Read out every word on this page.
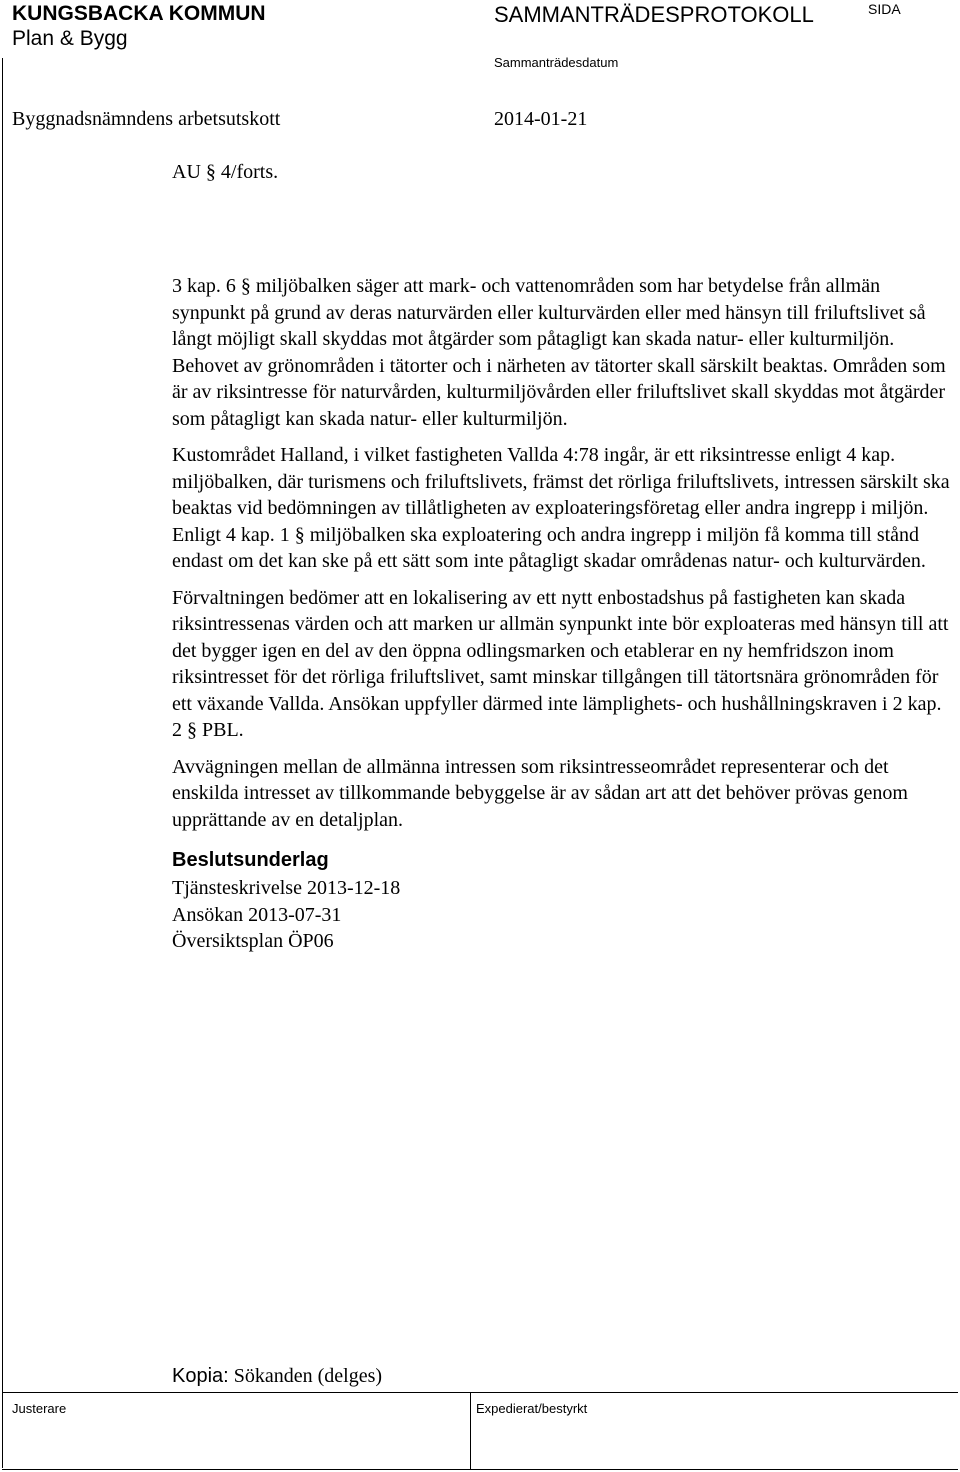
KUNGSBACKA KOMMUN
Plan & Bygg
SAMMANTRÄDESPROTOKOLL	SIDA
Sammanträdesdatum
Byggnadsnämndens arbetsutskott	2014-01-21
AU § 4/forts.

3 kap. 6 § miljöbalken säger att mark- och vattenområden som har betydelse från allmän synpunkt på grund av deras naturvärden eller kulturvärden eller med hänsyn till friluftslivet så långt möjligt skall skyddas mot åtgärder som påtagligt kan skada natur- eller kulturmiljön. Behovet av grönområden i tätorter och i närheten av tätorter skall särskilt beaktas. Områden som är av riksintresse för naturvården, kulturmiljövården eller friluftslivet skall skyddas mot åtgärder som påtagligt kan skada natur- eller kulturmiljön.

Kustområdet Halland, i vilket fastigheten Vallda 4:78 ingår, är ett riksintresse enligt 4 kap. miljöbalken, där turismens och friluftslivets, främst det rörliga friluftslivets, intressen särskilt ska beaktas vid bedömningen av tillåtligheten av exploateringsföretag eller andra ingrepp i miljön. Enligt 4 kap. 1 § miljöbalken ska exploatering och andra ingrepp i miljön få komma till stånd endast om det kan ske på ett sätt som inte påtagligt skadar områdenas natur- och kulturvärden.

Förvaltningen bedömer att en lokalisering av ett nytt enbostadshus på fastigheten kan skada riksintressenas värden och att marken ur allmän synpunkt inte bör exploateras med hänsyn till att det bygger igen en del av den öppna odlingsmarken och etablerar en ny hemfridszon inom riksintresset för det rörliga friluftslivet, samt minskar tillgången till tätortsnära grönområden för ett växande Vallda. Ansökan uppfyller därmed inte lämplighets- och hushållningskraven i 2 kap. 2 § PBL.

Avvägningen mellan de allmänna intressen som riksintresseområdet representerar och det enskilda intresset av tillkommande bebyggelse är av sådan art att det behöver prövas genom upprättande av en detaljplan.

Beslutsunderlag
Tjänsteskrivelse 2013-12-18
Ansökan 2013-07-31
Översiktsplan ÖP06
Kopia: Sökanden (delges)
Justerare	Expedierat/bestyrkt
